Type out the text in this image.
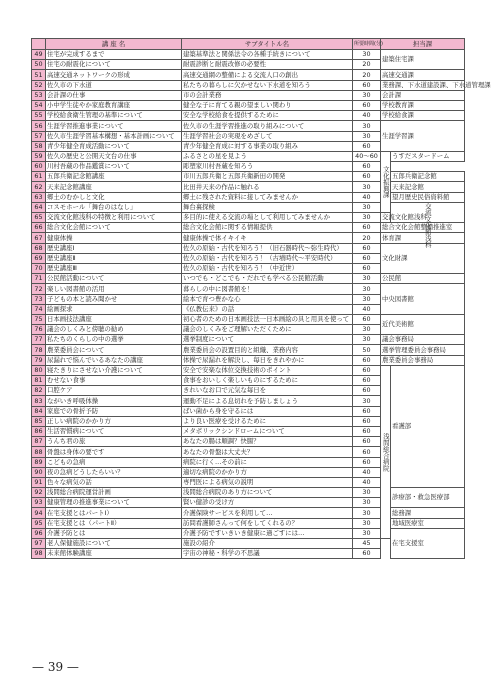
	講 座 名	サブタイトル名	所要時間(分)	担当課		
49	住宅が完成するまで	建築基準法と関係法令の各種手続きについて	30	建築住宅課		
50	住宅の耐震化について	耐震診断と耐震改修の必要性	20			
51	高速交通ネットワークの形成	高速交通網の整備による交流人口の創出	20	高速交通課		
52	佐久市の下水道	私たちの暮らしに欠かせない下水道を知ろう	60	業務課、下水道建設課、下水道管理課		
53	会計課の仕事	市の会計業務	30	会計課		
54	小中学生徒やか家庭教育講座	健全な子に育てる親の望ましい関わり	60	学校教育課		
55	学校給食衛生管理の基準について	安全な学校給食を提供するために	40	学校給食課		
56	生涯学習推進事業について	佐久市の生涯学習推進の取り組みについて	30	生涯学習課		
57	佐久市生涯学習基本構想・基本計画について	生涯学習社会の実現をめざして	30			
58	青少年健全育成活動について	青少年健全育成に対する事業の取り組み	60			
59	佐久の歴史と公開天文台の仕事	ふるさとの星を見よう	40〜60	文化振興課	うすだスタードーム	
60	川村吾蔵の作品鑑賞について	彫塑家川村吾蔵を知ろう	60			
61	五郎兵衛記念館講座	市川五郎兵衛と五郎兵衛新田の開発	60		五郎兵衛記念館	
62	天来記念館講座	比田井天来の作品に触れる	30		天来記念館	
63	郷土のむかしと文化	郷土に残された資料に接してみませんか	40		望月歴史民俗資料館	
64	コスモホール「舞台のはなし」	舞台裏探検	30		交流文化館浅科	
65	交流文化館浅科の特徴と利用について	多目的に使える交流の場として利用してみませんか	30	交流文化館浅科		
66	総合文化会館について	総合文化会館に関する情報提供	60	総合文化会館整備推進室		
67	健康体操	健康体操で体イキイキ	20	体育課		
68	歴史講座Ⅰ	佐久の原始・古代を知ろう！（旧石器時代〜弥生時代）	60	文化財課		
69	歴史講座Ⅱ	佐久の原始・古代を知ろう！（古墳時代〜平安時代）	60			
70	歴史講座Ⅲ	佐久の原始・古代を知ろう！（中近世）	60			
71	公民館活動について	いつでも・どこでも・だれでも学べる公民館活動	30	公民館		
72	楽しい図書館の活用	暮らしの中に図書館を！	30	中央図書館		
73	子どもの本と読み聞かせ	絵本で育つ豊かな心	30			
74	絵画探求	《仏教伝来》の話	40			
75	日本画技法講座	初心者のための日本画技法一日本画絵の具と用具を使って	60	近代美術館		
76	議会のしくみと傍聴の勧め	議会のしくみをご理解いただくために	30			
77	私たちのくらしの中の選挙	選挙制度について	30	議会事務局		
78	農業委員会について	農業委員会の設置目的と組織、業務内容	50	選挙管理委員会事務局		
79	尿漏れで悩んでいるあなたの講座	体操で尿漏れを解決し、毎日をきれやかに	60	農業委員会事務局		
80	寝たきりにさせない介護について	安全で安楽な体位交換技術のポイント	60	浅間総合病院	看護部	
81	むせない食事	食事をおいしく楽しいものにするために	60			
82	口腔ケア	きれいなお口で元気な毎日を	60			
83	ながいき呼吸体操	運動不足による息切れを予防しましょう	30			
84	家庭での骨折予防	ばい菌から身を守るには	60			
85	正しい病院のかかり方	より良い医療を受けるために	60			
86	生活習慣病について	メタボリックシンドロームについて	60			
87	うんち君の旅	あなたの腸は順調？快腸？	60			
88	骨盤は身体の要です	あなたの骨盤は大丈夫？	60			
89	こどもの急病	病院に行く…その前に	60			
90	夜の急病どうしたらいい？	適切な病院のかかり方	40			
91	色々な病気の話	専門医による病気の説明	40			
92	浅間総合病院運営計画	浅間総合病院のあり方について	30		診療部・救急医療部	
93	健康管理の推進事業について	賢い健診の受け方	30			
94	在宅支援とはパートⅠ）	介護保険サービスを利用して…	30		総務課	
95	在宅支援とは（パートⅡ）	訪問看護師さんって何をしてくれるの？	30		地域医療室	
96	介護予防とは	介護予防ですいきいき健康に過ごすには…	30		在宅支援室	
97	老人保健施設について	施設の紹介	45			
98	未来館体験講座	宇宙の神秘・科学の不思議	60			
— 39 —
